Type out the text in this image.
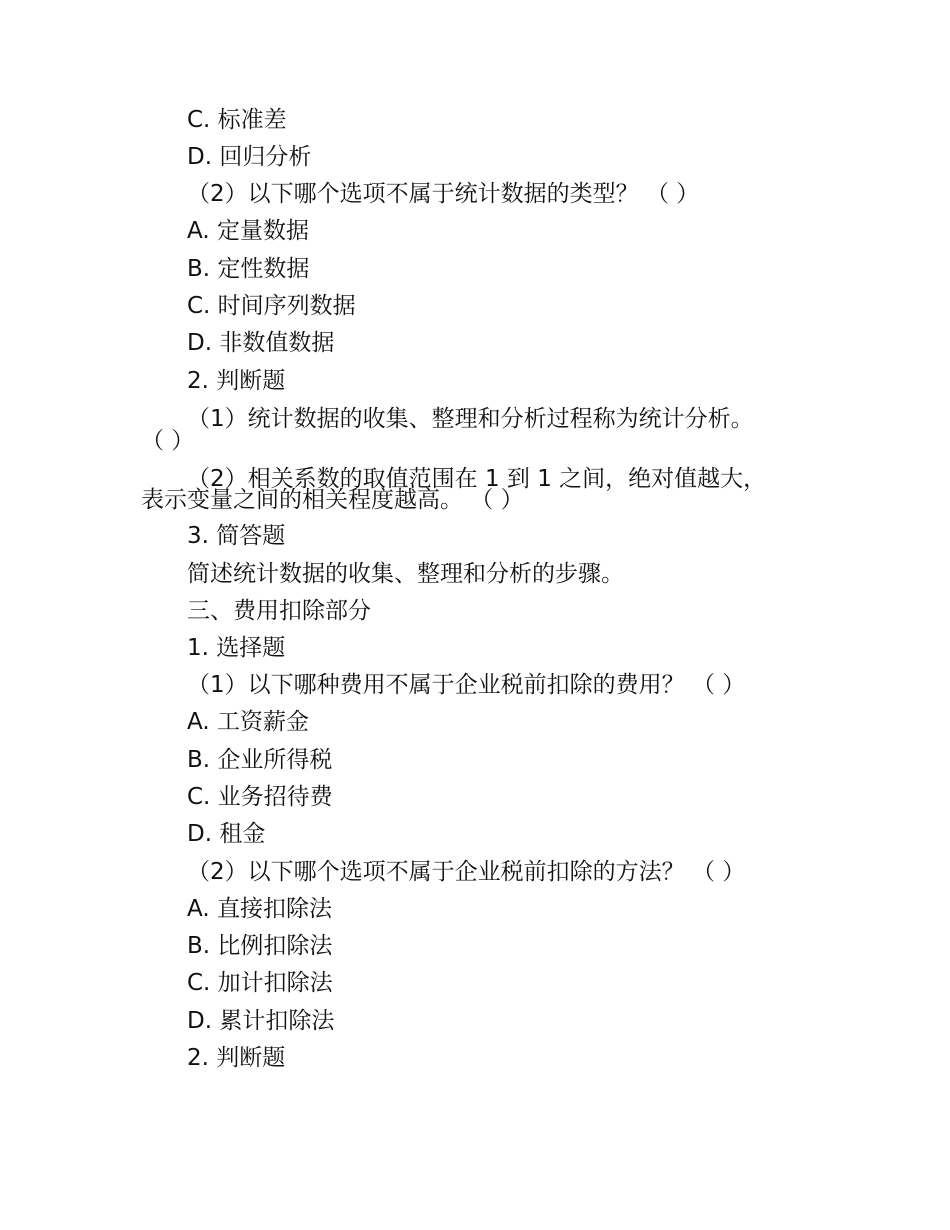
C. 标准差
D. 回归分析
（2）以下哪个选项不属于统计数据的类型？ （ ）
A. 定量数据
B. 定性数据
C. 时间序列数据
D. 非数值数据
2. 判断题
（1）统计数据的收集、整理和分析过程称为统计分析。
（ ）
（2）相关系数的取值范围在 1 到 1 之间，绝对值越大，
表示变量之间的相关程度越高。 （ ）
3. 简答题
简述统计数据的收集、整理和分析的步骤。
三、费用扣除部分
1. 选择题
（1）以下哪种费用不属于企业税前扣除的费用？ （ ）
A. 工资薪金
B. 企业所得税
C. 业务招待费
D. 租金
（2）以下哪个选项不属于企业税前扣除的方法？ （ ）
A. 直接扣除法
B. 比例扣除法
C. 加计扣除法
D. 累计扣除法
2. 判断题
